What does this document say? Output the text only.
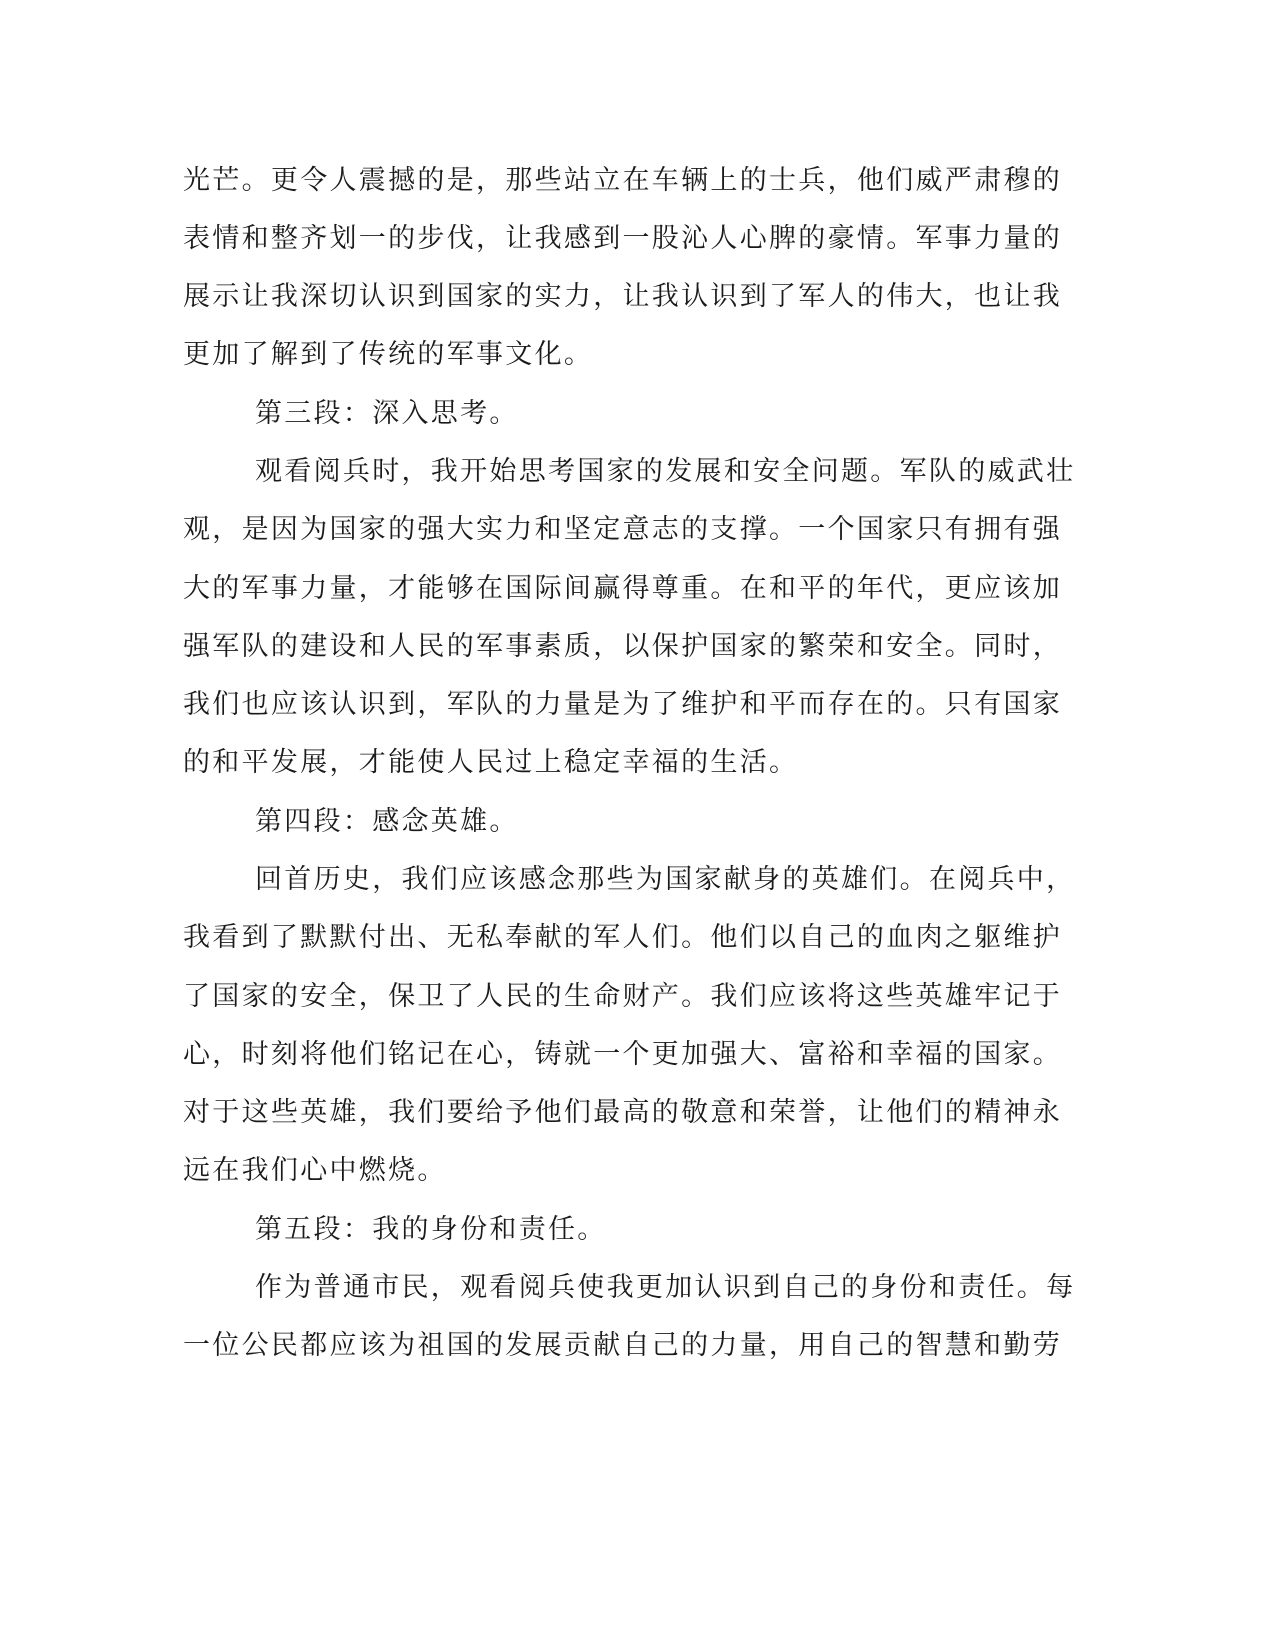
光芒。更令人震撼的是，那些站立在车辆上的士兵，他们威严肃穆的
表情和整齐划一的步伐，让我感到一股沁人心脾的豪情。军事力量的
展示让我深切认识到国家的实力，让我认识到了军人的伟大，也让我
更加了解到了传统的军事文化。
第三段：深入思考。
观看阅兵时，我开始思考国家的发展和安全问题。军队的威武壮
观，是因为国家的强大实力和坚定意志的支撑。一个国家只有拥有强
大的军事力量，才能够在国际间赢得尊重。在和平的年代，更应该加
强军队的建设和人民的军事素质，以保护国家的繁荣和安全。同时，
我们也应该认识到，军队的力量是为了维护和平而存在的。只有国家
的和平发展，才能使人民过上稳定幸福的生活。
第四段：感念英雄。
回首历史，我们应该感念那些为国家献身的英雄们。在阅兵中，
我看到了默默付出、无私奉献的军人们。他们以自己的血肉之躯维护
了国家的安全，保卫了人民的生命财产。我们应该将这些英雄牢记于
心，时刻将他们铭记在心，铸就一个更加强大、富裕和幸福的国家。
对于这些英雄，我们要给予他们最高的敬意和荣誉，让他们的精神永
远在我们心中燃烧。
第五段：我的身份和责任。
作为普通市民，观看阅兵使我更加认识到自己的身份和责任。每
一位公民都应该为祖国的发展贡献自己的力量，用自己的智慧和勤劳
